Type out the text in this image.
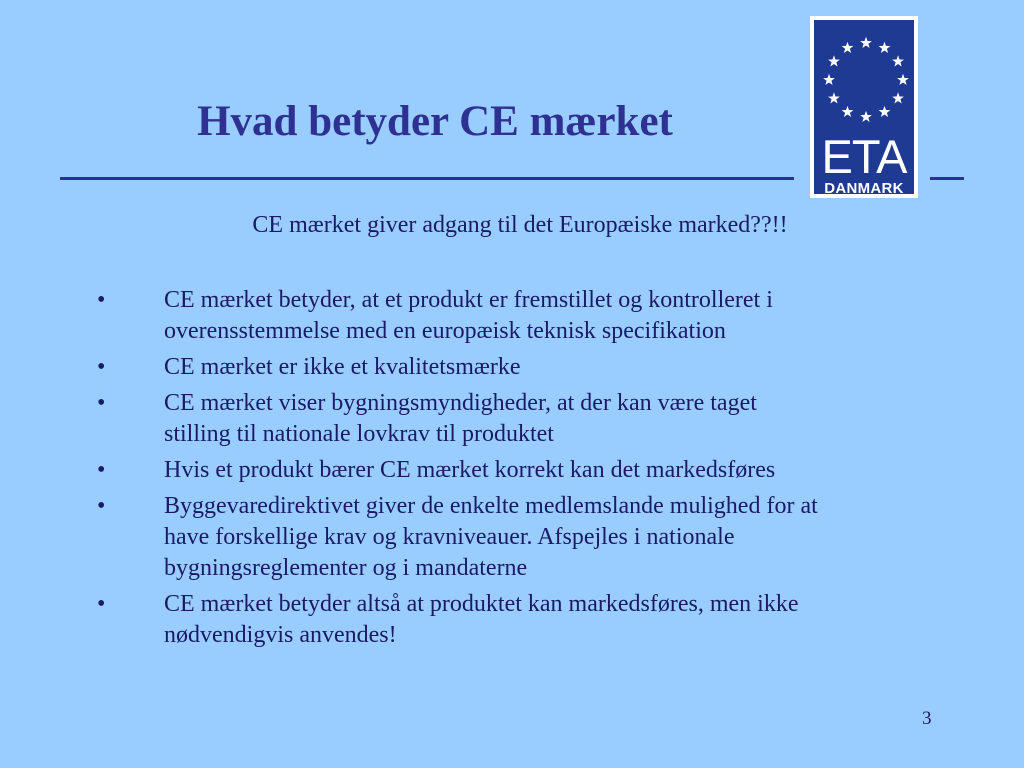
Hvad betyder CE mærket
ETA
DANMARK
CE mærket giver adgang til det Europæiske marked??!!
• CE mærket betyder, at et produkt er fremstillet og kontrolleret i
overensstemmelse med en europæisk teknisk specifikation
• CE mærket er ikke et kvalitetsmærke
• CE mærket viser bygningsmyndigheder, at der kan være taget
stilling til nationale lovkrav til produktet
• Hvis et produkt bærer CE mærket korrekt kan det markedsføres
• Byggevaredirektivet giver de enkelte medlemslande mulighed for at
have forskellige krav og kravniveauer. Afspejles i nationale
bygningsreglementer og i mandaterne
• CE mærket betyder altså at produktet kan markedsføres, men ikke
nødvendigvis anvendes!
3
